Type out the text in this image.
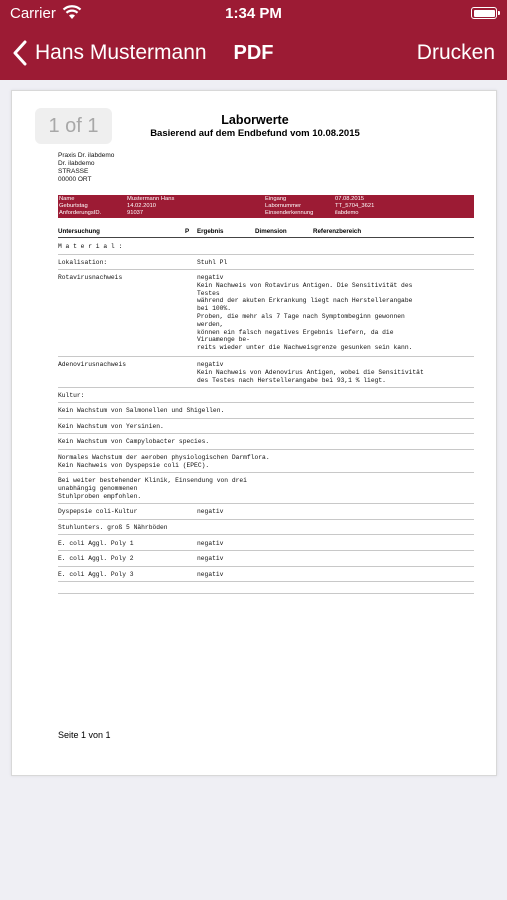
Carrier	1:34 PM
Hans Mustermann	PDF	Drucken
1 of 1	Laborwerte
Basierend auf dem Endbefund vom 10.08.2015
Praxis Dr. ilabdemo
Dr. ilabdemo
STRASSE
00000 ORT
Name	Mustermann Hans	Eingang	07.08.2015
Geburtstag	14.02.2010	Labornummer	TT_5704_3621
AnforderungsID.	91037	Einsenderkennung	ilabdemo
Untersuchung	P Ergebnis	Dimension	Referenzbereich
M a t e r i a l :
Lokalisation:	Stuhl Pl
Rotavirusnachweis	negativ
Kein Nachweis von Rotavirus Antigen. Die Sensitivität des
Testes
während der akuten Erkrankung liegt nach Herstellerangabe
bei 100%.
Proben, die mehr als 7 Tage nach Symptombeginn gewonnen
werden,
können ein falsch negatives Ergebnis liefern, da die
Viruamenge be-
reits wieder unter die Nachweisgrenze gesunken sein kann.
Adenovirusnachweis	negativ
Kein Nachweis von Adenovirus Antigen, wobei die Sensitivität
des Testes nach Herstellerangabe bei 93,1 % liegt.
Kultur:
Kein Wachstum von Salmonellen und Shigellen.
Kein Wachstum von Yersinien.
Kein Wachstum von Campylobacter species.
Normales Wachstum der aeroben physiologischen Darmflora.
Kein Nachweis von Dyspepsie coli (EPEC).
Bei weiter bestehender Klinik, Einsendung von drei
unabhängig genommenen
Stuhlproben empfohlen.
Dyspepsie coli-Kultur	negativ
Stuhlunters. groß 5 Nährböden
E. coli Aggl. Poly 1	negativ
E. coli Aggl. Poly 2	negativ
E. coli Aggl. Poly 3	negativ
Seite 1 von 1
